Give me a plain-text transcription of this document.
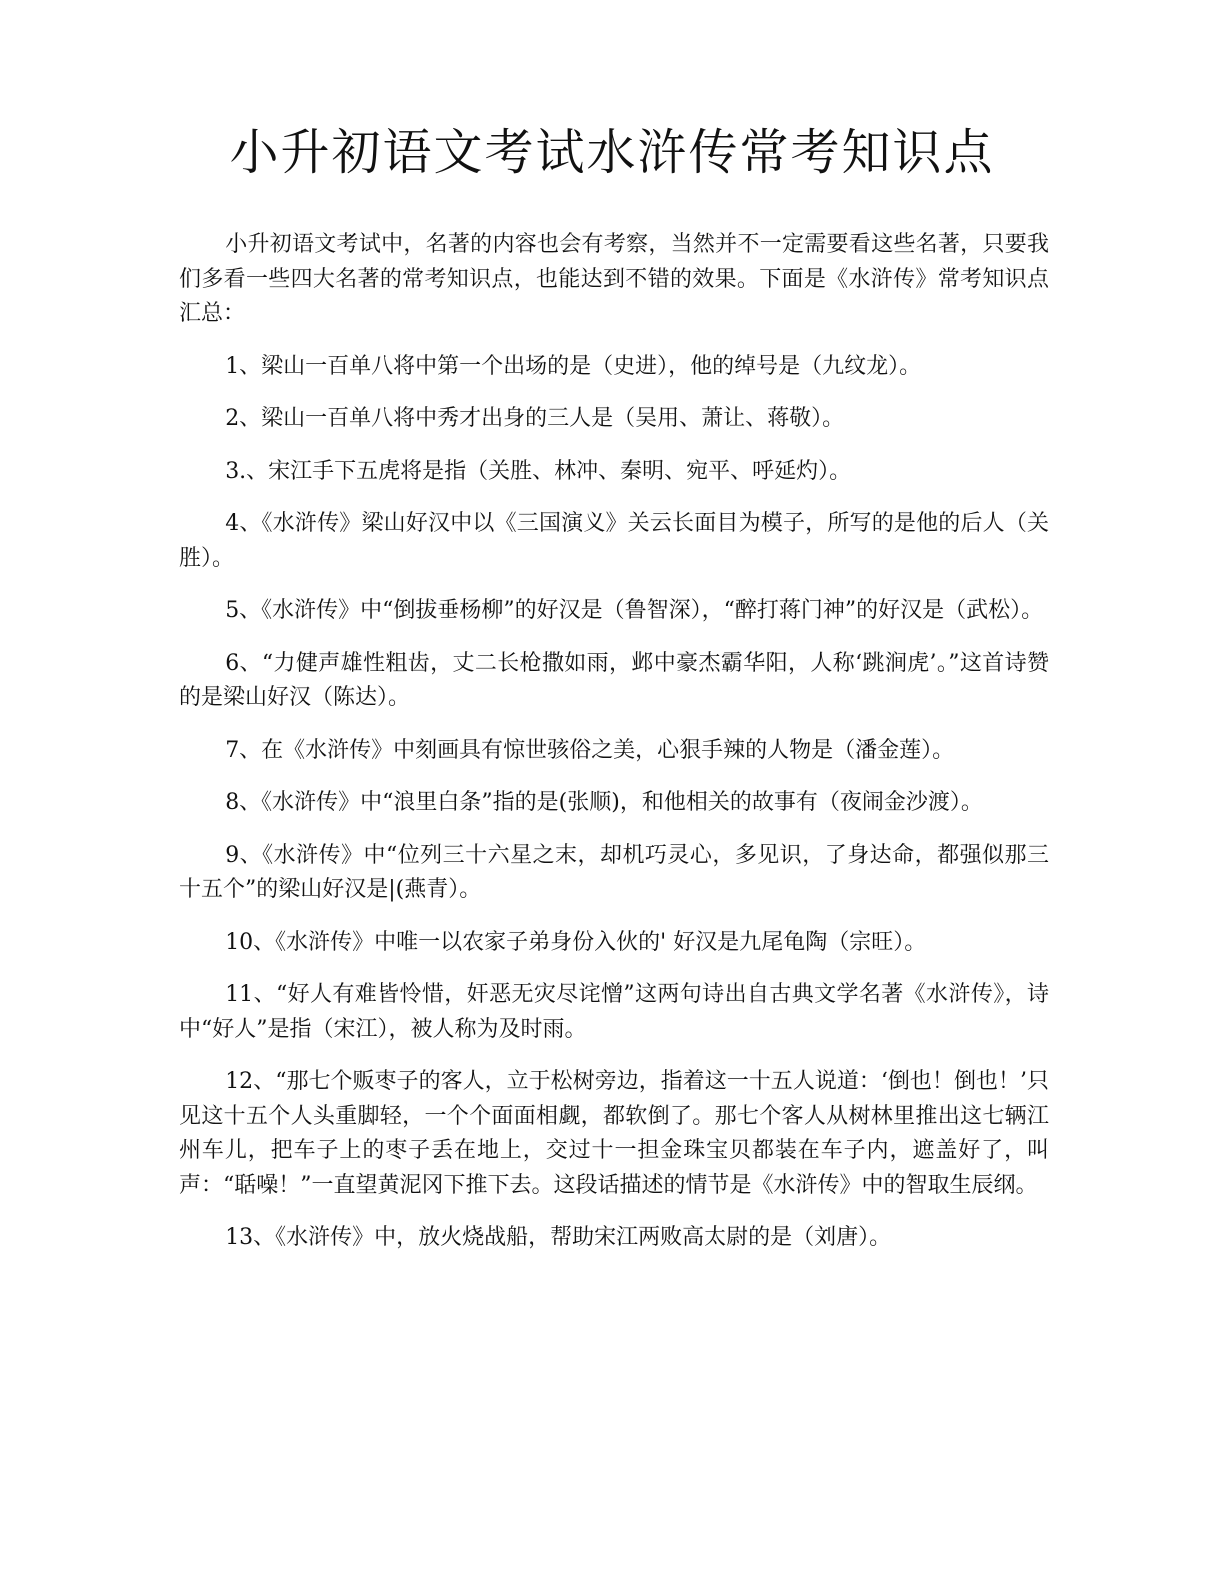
小升初语文考试水浒传常考知识点

小升初语文考试中，名著的内容也会有考察，当然并不一定需要看这些名著，只要我们多看一些四大名著的常考知识点，也能达到不错的效果。下面是《水浒传》常考知识点汇总：

1、梁山一百单八将中第一个出场的是（史进），他的绰号是（九纹龙）。

2、梁山一百单八将中秀才出身的三人是（吴用、萧让、蒋敬）。

3.、宋江手下五虎将是指（关胜、林冲、秦明、宛平、呼延灼）。

4、《水浒传》梁山好汉中以《三国演义》关云长面目为模子，所写的是他的后人（关胜）。

5、《水浒传》中“倒拔垂杨柳”的好汉是（鲁智深），“醉打蒋门神”的好汉是（武松）。

6、“力健声雄性粗齿，丈二长枪撒如雨，邺中豪杰霸华阳，人称‘跳涧虎’。”这首诗赞的是梁山好汉（陈达）。

7、在《水浒传》中刻画具有惊世骇俗之美，心狠手辣的人物是（潘金莲）。

8、《水浒传》中“浪里白条”指的是(张顺)，和他相关的故事有（夜闹金沙渡）。

9、《水浒传》中“位列三十六星之末，却机巧灵心，多见识，了身达命，都强似那三十五个”的梁山好汉是|(燕青）。

10、《水浒传》中唯一以农家子弟身份入伙的' 好汉是九尾龟陶（宗旺）。

11、“好人有难皆怜惜，奸恶无灾尽诧憎”这两句诗出自古典文学名著《水浒传》，诗中“好人”是指（宋江），被人称为及时雨。

12、“那七个贩枣子的客人，立于松树旁边，指着这一十五人说道：‘倒也！倒也！’只见这十五个人头重脚轻，一个个面面相觑，都软倒了。那七个客人从树林里推出这七辆江州车儿，把车子上的枣子丢在地上，交过十一担金珠宝贝都装在车子内，遮盖好了，叫声：“聒噪！”一直望黄泥冈下推下去。这段话描述的情节是《水浒传》中的智取生辰纲。

13、《水浒传》中，放火烧战船，帮助宋江两败高太尉的是（刘唐）。
